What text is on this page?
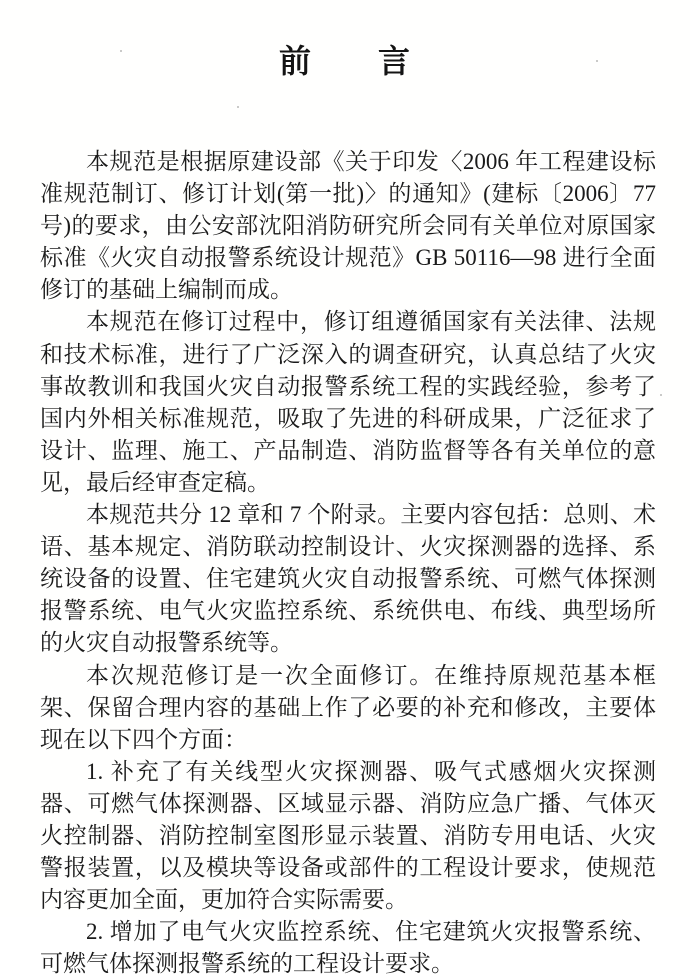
前　　言

本规范是根据原建设部《关于印发〈2006 年工程建设标准规范制订、修订计划(第一批)〉的通知》(建标〔2006〕77 号)的要求，由公安部沈阳消防研究所会同有关单位对原国家标准《火灾自动报警系统设计规范》GB 50116—98 进行全面修订的基础上编制而成。

本规范在修订过程中，修订组遵循国家有关法律、法规和技术标准，进行了广泛深入的调查研究，认真总结了火灾事故教训和我国火灾自动报警系统工程的实践经验，参考了国内外相关标准规范，吸取了先进的科研成果，广泛征求了设计、监理、施工、产品制造、消防监督等各有关单位的意见，最后经审查定稿。

本规范共分 12 章和 7 个附录。主要内容包括：总则、术语、基本规定、消防联动控制设计、火灾探测器的选择、系统设备的设置、住宅建筑火灾自动报警系统、可燃气体探测报警系统、电气火灾监控系统、系统供电、布线、典型场所的火灾自动报警系统等。

本次规范修订是一次全面修订。在维持原规范基本框架、保留合理内容的基础上作了必要的补充和修改，主要体现在以下四个方面：

1. 补充了有关线型火灾探测器、吸气式感烟火灾探测器、可燃气体探测器、区域显示器、消防应急广播、气体灭火控制器、消防控制室图形显示装置、消防专用电话、火灾警报装置，以及模块等设备或部件的工程设计要求，使规范内容更加全面，更加符合实际需要。

2. 增加了电气火灾监控系统、住宅建筑火灾报警系统、可燃气体探测报警系统的工程设计要求。
